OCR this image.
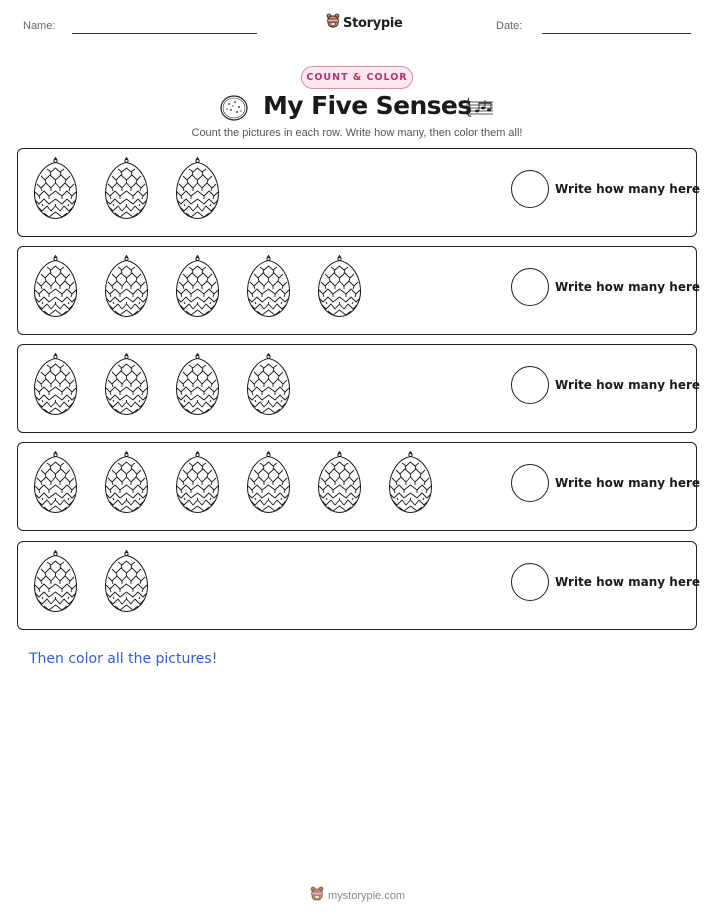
Name:	Storypie	Date:
COUNT & COLOR
My Five Senses
Count the pictures in each row. Write how many, then color them all!
Write how many here
Write how many here
Write how many here
Write how many here
Write how many here
Then color all the pictures!
mystorypie.com
